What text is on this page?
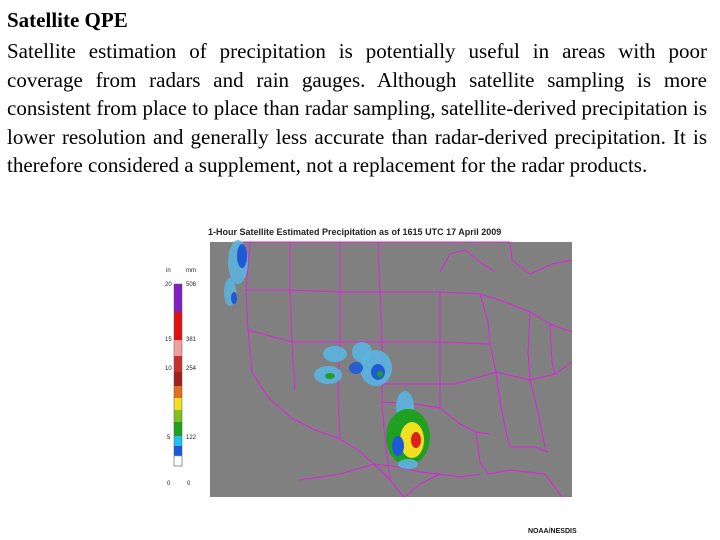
Satellite QPE

Satellite estimation of precipitation is potentially useful in areas with poor coverage from radars and rain gauges. Although satellite sampling is more consistent from place to place than radar sampling, satellite-derived precipitation is lower resolution and generally less accurate than radar-derived precipitation. It is therefore considered a supplement, not a replacement for the radar products.

in	mm
20
15
10
5
0
508
381
254
122
0
1-Hour Satellite Estimated Precipitation as of 1615 UTC 17 April 2009
NOAA/NESDIS
